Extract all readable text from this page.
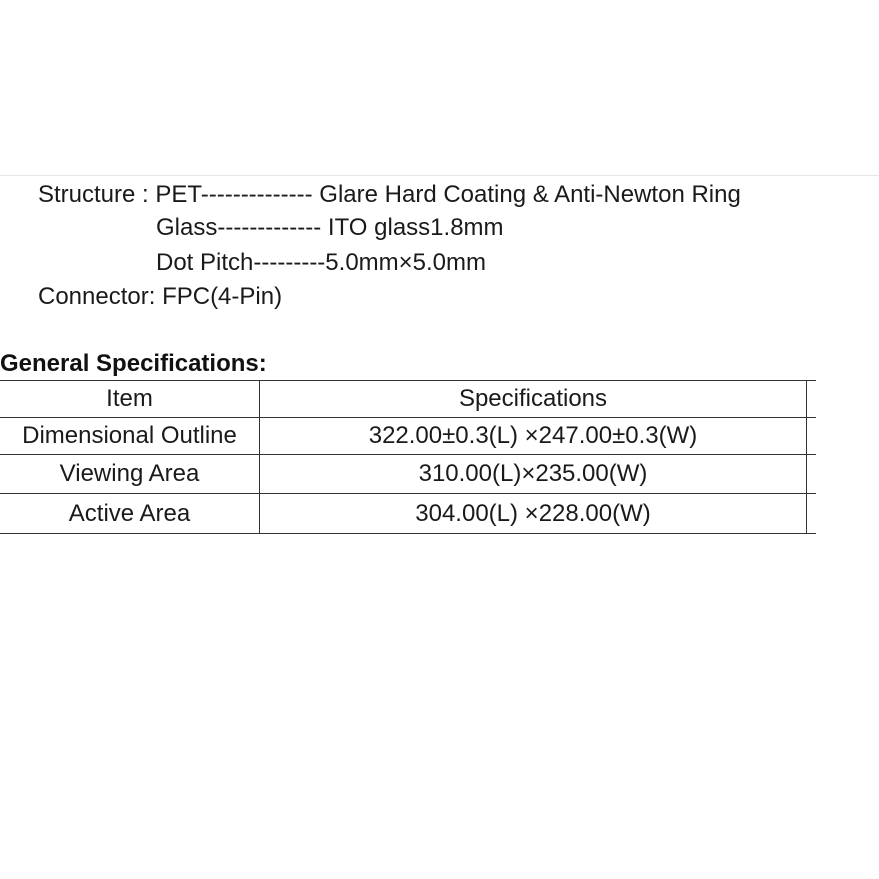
Structure : PET-------------- Glare Hard Coating & Anti-Newton Ring
Glass------------- ITO glass1.8mm
Dot Pitch---------5.0mm×5.0mm
Connector: FPC(4-Pin)
General Specifications:
Item	Specifications	
Dimensional Outline	322.00±0.3(L) ×247.00±0.3(W)	
Viewing Area	310.00(L)×235.00(W)	
Active Area	304.00(L) ×228.00(W)	
